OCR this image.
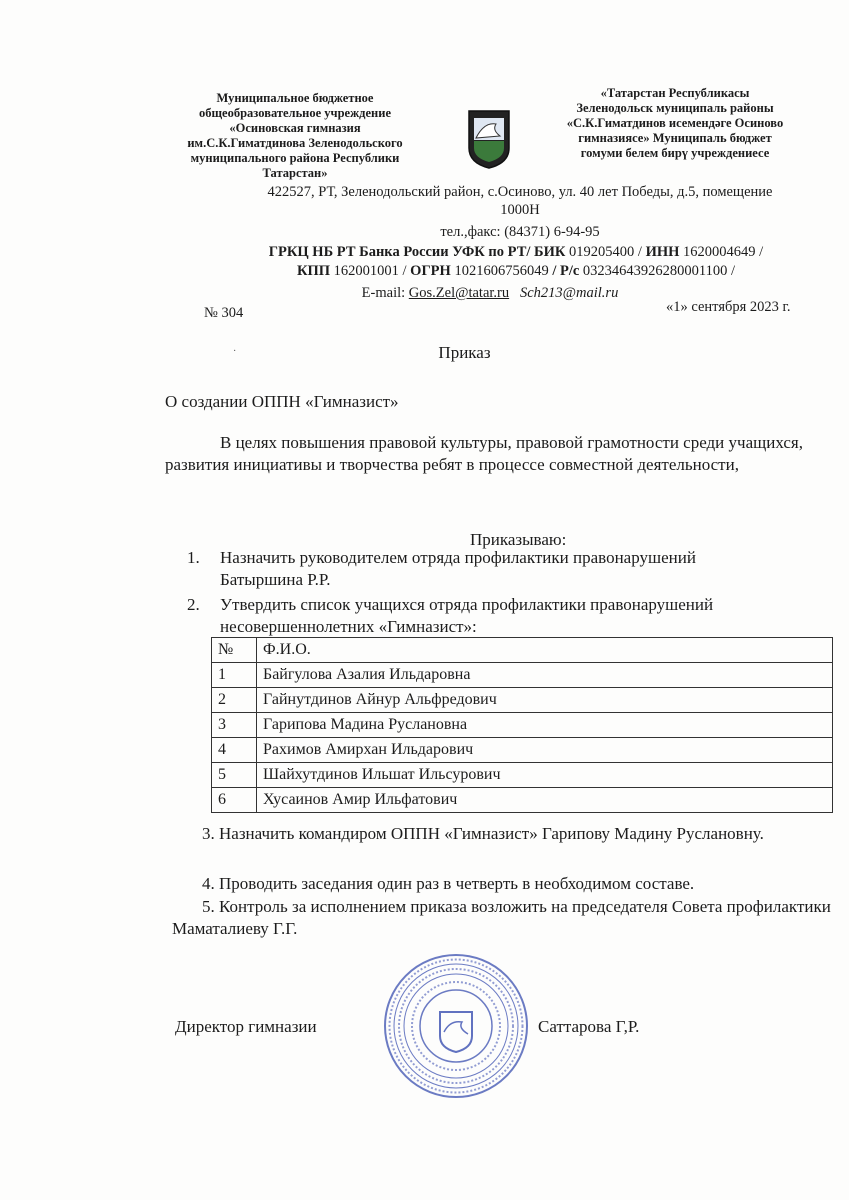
Муниципальное бюджетное
общеобразовательное учреждение
«Осиновская гимназия
им.С.К.Гиматдинова Зеленодольского
муниципального района Республики
Татарстан»
«Татарстан Республикасы
Зеленодольск муниципаль районы
«С.К.Гиматдинов исемендәге Осиново
гимназиясе» Муниципаль бюджет
гомуми белем бирү учреждениесе
422527, РТ, Зеленодольский район, с.Осиново, ул. 40 лет Победы, д.5, помещение
1000Н
тел.,факс: (84371) 6-94-95
ГРКЦ НБ РТ Банка России УФК по РТ/ БИК 019205400 / ИНН 1620004649 /
КПП 162001001 / ОГРН 1021606756049 / Р/с 03234643926280001100 /
E-mail: Gos.Zel@tatar.ru Sch213@mail.ru
№ 304	«1» сентября 2023 г.
·	Приказ
О создании ОППН «Гимназист»
В целях повышения правовой культуры, правовой грамотности среди учащихся, развития инициативы и творчества ребят в процессе совместной деятельности,
Приказываю:
1. Назначить руководителем отряда профилактики правонарушений
Батыршина Р.Р.
2. Утвердить список учащихся отряда профилактики правонарушений
несовершеннолетних «Гимназист»:
№	Ф.И.О.
1	Байгулова Азалия Ильдаровна
2	Гайнутдинов Айнур Альфредович
3	Гарипова Мадина Руслановна
4	Рахимов Амирхан Ильдарович
5	Шайхутдинов Ильшат Ильсурович
6	Хусаинов Амир Ильфатович
3. Назначить командиром ОППН «Гимназист» Гарипову Мадину Руслановну.
4. Проводить заседания один раз в четверть в необходимом составе.
5. Контроль за исполнением приказа возложить на председателя Совета профилактики Маматалиеву Г.Г.
Директор гимназии	Саттарова Г,Р.
